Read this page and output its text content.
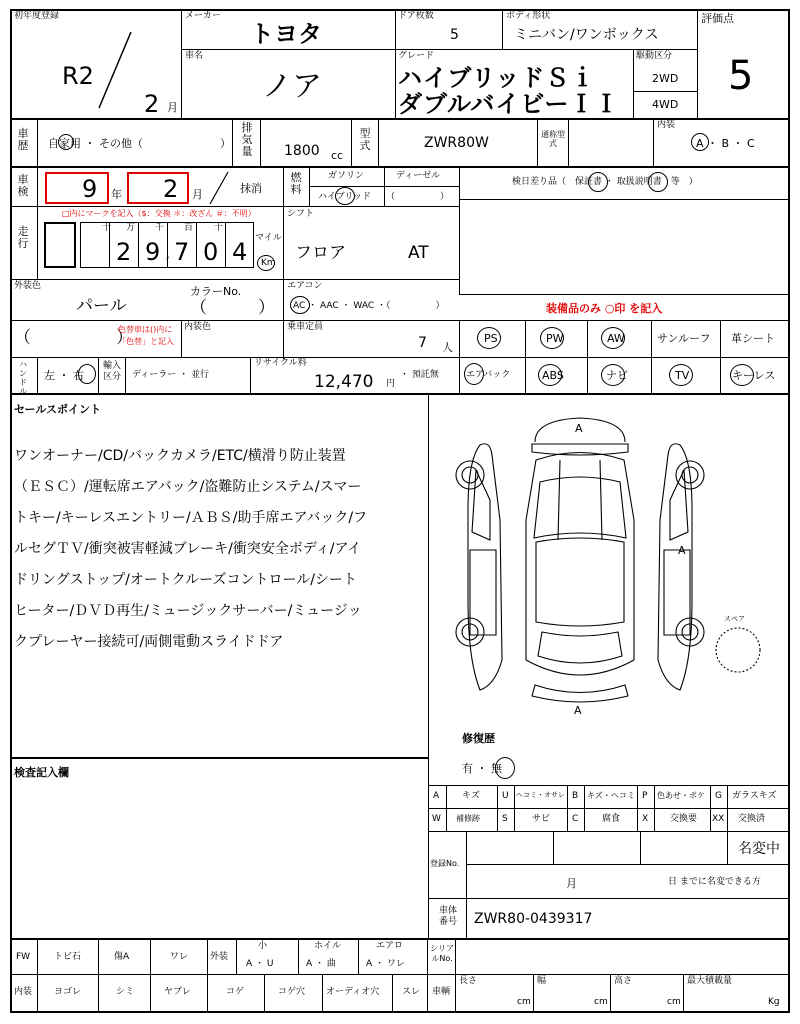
初年度登録
R2
2 月
メーカー
トヨタ
車名
ノア
ドア枚数
5
ボディ形状
ミニバン/ワンボックス
グレード
ハイブリッドＳｉ
ダブルバイビーＩＩ
駆動区分
2WD
4WD
評価点
5
車歴 自家用 ・ その他（	）
排気量 1800 cc
型式	ZWR80W
通称型式
内装
A ・ B ・ C
車検 9 年 2 月	抹消
燃料
ガソリン	ディーゼル
ハイブリッド （　　　　　）
検日差り品（　保証書 ・ 取扱説明書　等　）
走行
□内にマークを記入（$：交換 ＊：改ざん ＃：不明）
十 万 千 百 十
2 9 7 0 4
,
マイル
Km
シフト
フロア	AT
外装色
パール
カラーNo.
（　　　）
エアコン
AC ・ AAC ・ WAC ・（　　　　　）	装備品のみ ○印 を記入
（　　　　　）
色替車は()内に「色替」と記入
内装色	乗車定員
7 人
PS	PW	AW	サンルーフ 革シート
エアバック	ABS	ナビ	TV	キーレス
ハンドル
左 ・ 右
輸入区分	ディーラー ・ 並行
リサイクル料
12,470 円
・ 預託無
セールスポイント
ワンオーナー/CD/バックカメラ/ETC/横滑り防止装置
（ＥＳＣ）/運転席エアバック/盗難防止システム/スマー
トキー/キーレスエントリー/ＡＢＳ/助手席エアバック/フ
ルセグＴＶ/衝突被害軽減ブレーキ/衝突安全ボディ/アイ
ドリングストップ/オートクルーズコントロール/シート
ヒーター/ＤＶＤ再生/ミュージックサーバー/ミュージッ
クプレーヤー接続可/両側電動スライドドア
検査記入欄
A
A
A
スペア
修復歴
有 ・ 無
A	キズ U ヘコミ・オサレ B キズ・ヘコミ P 色あせ・ボケ G ガラスキズ
W 補修跡 S	サビ C	腐食 X 交換要 XX 交換済
登録No.
名変中
月	日 までに名変できる方
車体番号 ZWR80-0439317
FW	トビ石	傷A	ワレ 外装
小
A ・ U
ホイル
A ・ 曲
エアロ
A ・ ワレ
シリアルNo.
内装 ヨゴレ	シミ	ヤブレ	コゲ	コゲ穴 オーディオ穴	スレ 車輌
長さ
cm
幅
cm
高さ
cm
最大積載量
Kg
